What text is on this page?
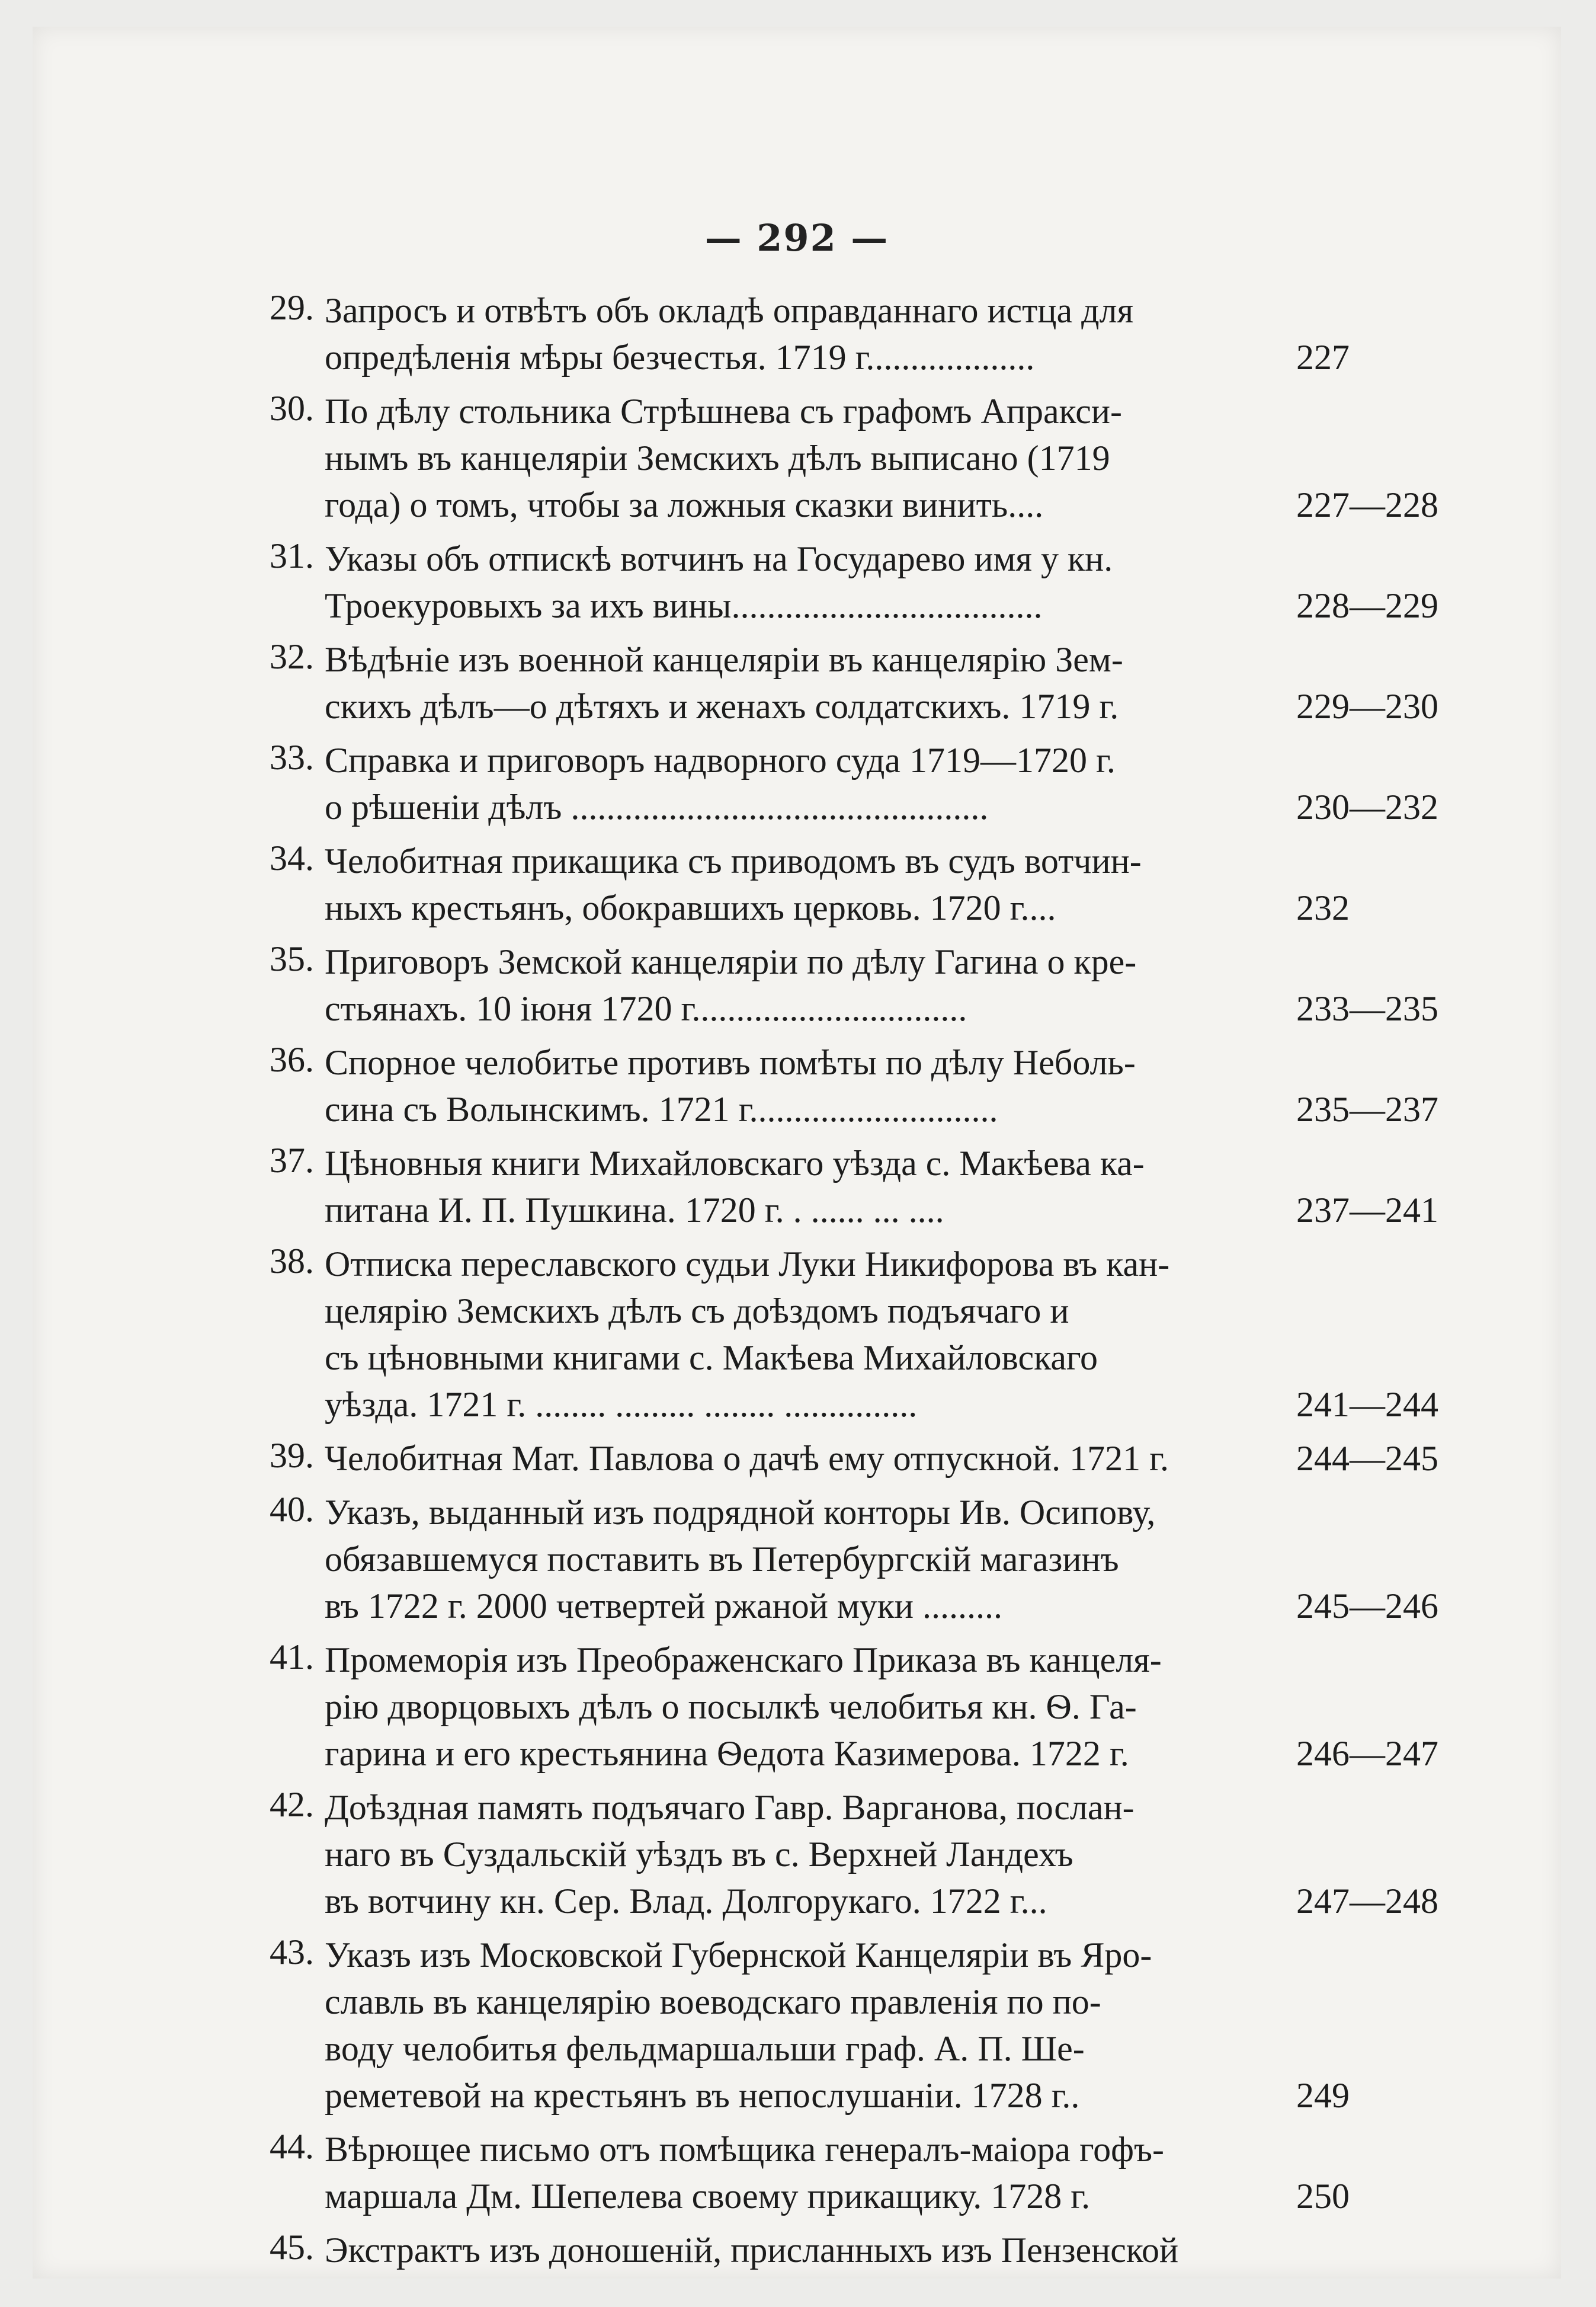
— 292 —
29. Запросъ и отвѣтъ объ окладѣ оправданнаго истца для
опредѣленія мѣры безчестья. 1719 г...................	227
30. По дѣлу стольника Стрѣшнева съ графомъ Апракси-
нымъ въ канцеляріи Земскихъ дѣлъ выписано (1719
года) о томъ, чтобы за ложныя сказки винить....	227—228
31. Указы объ отпискѣ вотчинъ на Государево имя у кн.
Троекуровыхъ за ихъ вины...................................	228—229
32. Вѣдѣніе изъ военной канцеляріи въ канцелярію Зем-
скихъ дѣлъ—о дѣтяхъ и женахъ солдатскихъ. 1719 г.	229—230
33. Справка и приговоръ надворного суда 1719—1720 г.
о рѣшеніи дѣлъ ...............................................	230—232
34. Челобитная прикащика съ приводомъ въ судъ вотчин-
ныхъ крестьянъ, обокравшихъ церковь. 1720 г....	232
35. Приговоръ Земской канцеляріи по дѣлу Гагина о кре-
стьянахъ. 10 іюня 1720 г...............................	233—235
36. Спорное челобитье противъ помѣты по дѣлу Неболь-
сина съ Волынскимъ. 1721 г............................	235—237
37. Цѣновныя книги Михайловскаго уѣзда с. Макѣева ка-
питана И. П. Пушкина. 1720 г. . ...... ... ....	237—241
38. Отписка переславского судьи Луки Никифорова въ кан-
целярію Земскихъ дѣлъ съ доѣздомъ подъячаго и
съ цѣновными книгами с. Макѣева Михайловскаго
уѣзда. 1721 г. ........ ......... ........ ...............	241—244
39. Челобитная Мат. Павлова о дачѣ ему отпускной. 1721 г.	244—245
40. Указъ, выданный изъ подрядной конторы Ив. Осипову,
обязавшемуся поставить въ Петербургскій магазинъ
въ 1722 г. 2000 четвертей ржаной муки .........	245—246
41. Промеморія изъ Преображенскаго Приказа въ канцеля-
рію дворцовыхъ дѣлъ о посылкѣ челобитья кн. Ѳ. Га-
гарина и его крестьянина Ѳедота Казимерова. 1722 г.	246—247
42. Доѣздная память подъячаго Гавр. Варганова, послан-
наго въ Суздальскій уѣздъ въ с. Верхней Ландехъ
въ вотчину кн. Сер. Влад. Долгорукаго. 1722 г...	247—248
43. Указъ изъ Московской Губернской Канцеляріи въ Яро-
славль въ канцелярію воеводскаго правленія по по-
воду челобитья фельдмаршальши граф. А. П. Ше-
реметевой на крестьянъ въ непослушаніи. 1728 г..	249
44. Вѣрющее письмо отъ помѣщика генералъ-маіора гофъ-
маршала Дм. Шепелева своему прикащику. 1728 г.	250
45. Экстрактъ изъ доношеній, присланныхъ изъ Пензенской
